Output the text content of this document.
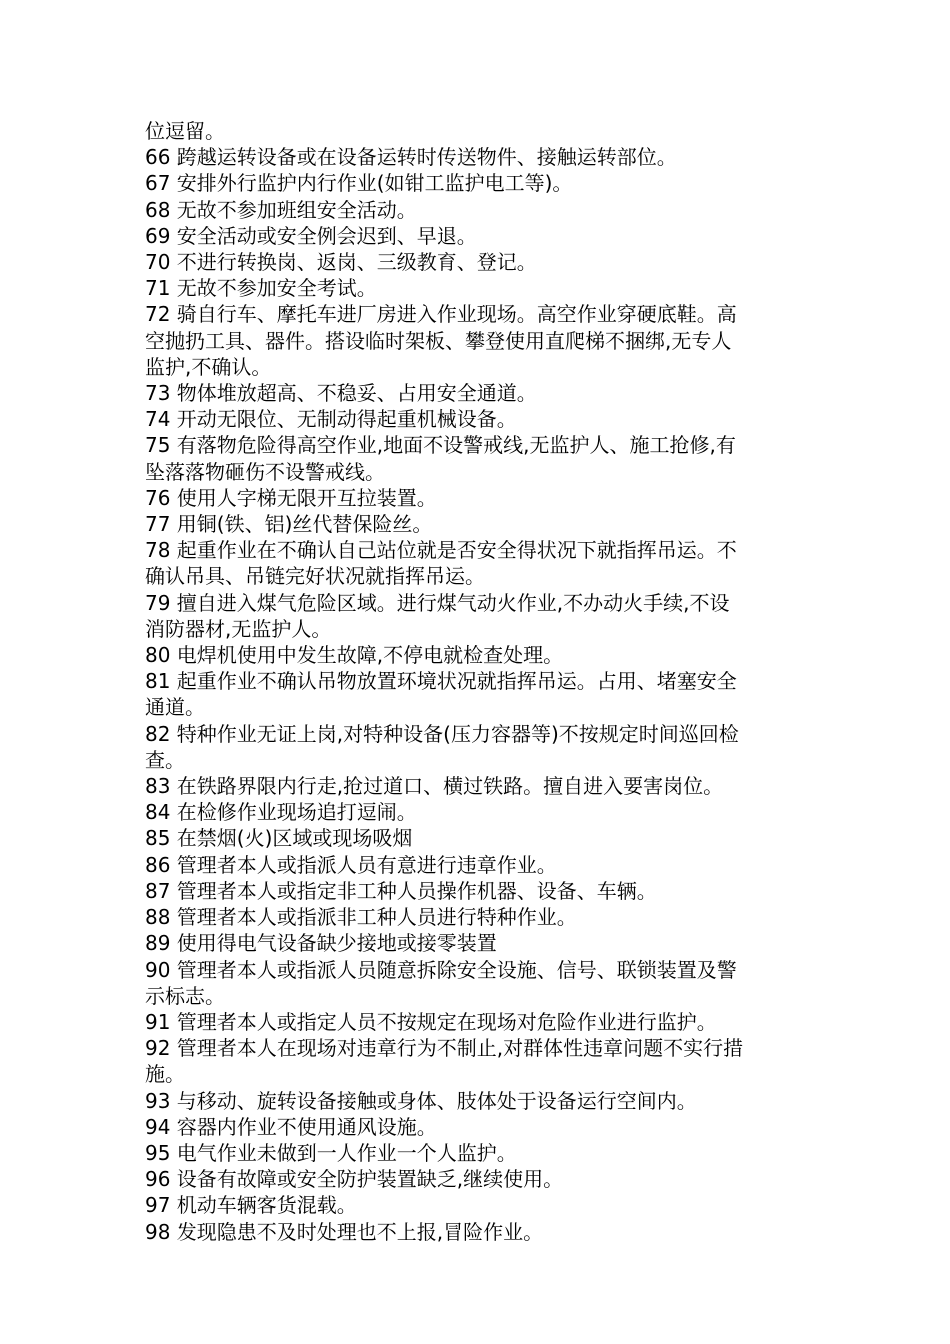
位逗留。
66 跨越运转设备或在设备运转时传送物件、接触运转部位。
67 安排外行监护内行作业(如钳工监护电工等)。
68 无故不参加班组安全活动。
69 安全活动或安全例会迟到、早退。
70 不进行转换岗、返岗、三级教育、登记。
71 无故不参加安全考试。
72 骑自行车、摩托车进厂房进入作业现场。高空作业穿硬底鞋。高
空抛扔工具、器件。搭设临时架板、攀登使用直爬梯不捆绑,无专人
监护,不确认。
73 物体堆放超高、不稳妥、占用安全通道。
74 开动无限位、无制动得起重机械设备。
75 有落物危险得高空作业,地面不设警戒线,无监护人、施工抢修,有
坠落落物砸伤不设警戒线。
76 使用人字梯无限开互拉装置。
77 用铜(铁、铝)丝代替保险丝。
78 起重作业在不确认自己站位就是否安全得状况下就指挥吊运。不
确认吊具、吊链完好状况就指挥吊运。
79 擅自进入煤气危险区域。进行煤气动火作业,不办动火手续,不设
消防器材,无监护人。
80 电焊机使用中发生故障,不停电就检查处理。
81 起重作业不确认吊物放置环境状况就指挥吊运。占用、堵塞安全
通道。
82 特种作业无证上岗,对特种设备(压力容器等)不按规定时间巡回检
查。
83 在铁路界限内行走,抢过道口、横过铁路。擅自进入要害岗位。
84 在检修作业现场追打逗闹。
85 在禁烟(火)区域或现场吸烟
86 管理者本人或指派人员有意进行违章作业。
87 管理者本人或指定非工种人员操作机器、设备、车辆。
88 管理者本人或指派非工种人员进行特种作业。
89 使用得电气设备缺少接地或接零装置
90 管理者本人或指派人员随意拆除安全设施、信号、联锁装置及警
示标志。
91 管理者本人或指定人员不按规定在现场对危险作业进行监护。
92 管理者本人在现场对违章行为不制止,对群体性违章问题不实行措
施。
93 与移动、旋转设备接触或身体、肢体处于设备运行空间内。
94 容器内作业不使用通风设施。
95 电气作业未做到一人作业一个人监护。
96 设备有故障或安全防护装置缺乏,继续使用。
97 机动车辆客货混载。
98 发现隐患不及时处理也不上报,冒险作业。
